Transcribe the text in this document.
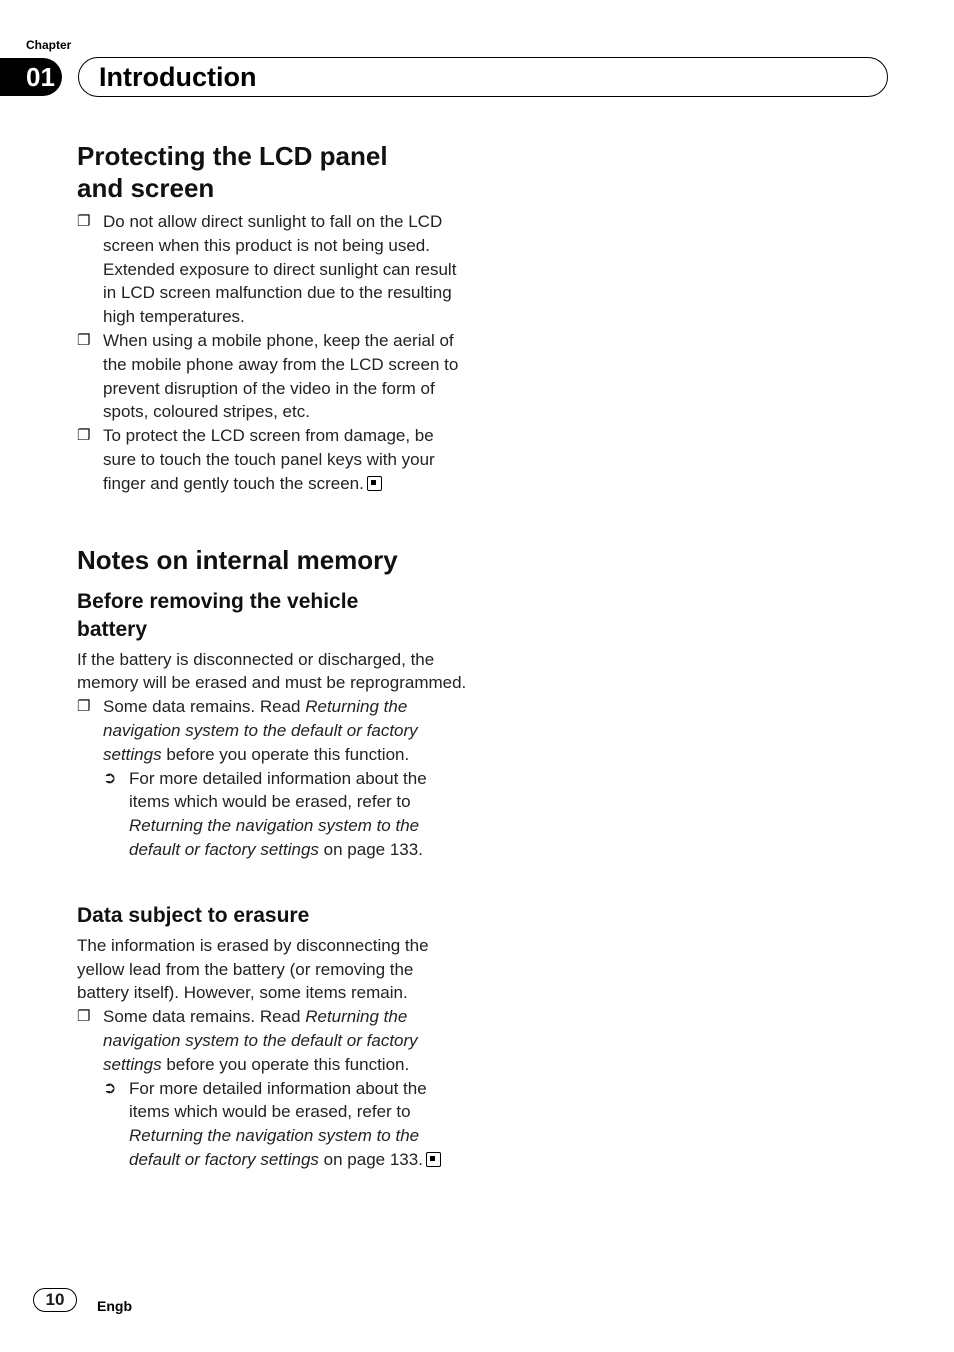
Chapter
01 Introduction
Protecting the LCD panel
and screen
❐ Do not allow direct sunlight to fall on the LCD screen when this product is not being used. Extended exposure to direct sunlight can result in LCD screen malfunction due to the resulting high temperatures.
❐ When using a mobile phone, keep the aerial of the mobile phone away from the LCD screen to prevent disruption of the video in the form of spots, coloured stripes, etc.
❐ To protect the LCD screen from damage, be sure to touch the touch panel keys with your finger and gently touch the screen.
Notes on internal memory
Before removing the vehicle
battery

If the battery is disconnected or discharged, the memory will be erased and must be reprogrammed.

❐ Some data remains. Read Returning the navigation system to the default or factory settings before you operate this function.
➲ For more detailed information about the items which would be erased, refer to Returning the navigation system to the default or factory settings on page 133.
Data subject to erasure

The information is erased by disconnecting the yellow lead from the battery (or removing the battery itself). However, some items remain.

❐ Some data remains. Read Returning the navigation system to the default or factory settings before you operate this function.
➲ For more detailed information about the items which would be erased, refer to Returning the navigation system to the default or factory settings on page 133.
10	Engb
